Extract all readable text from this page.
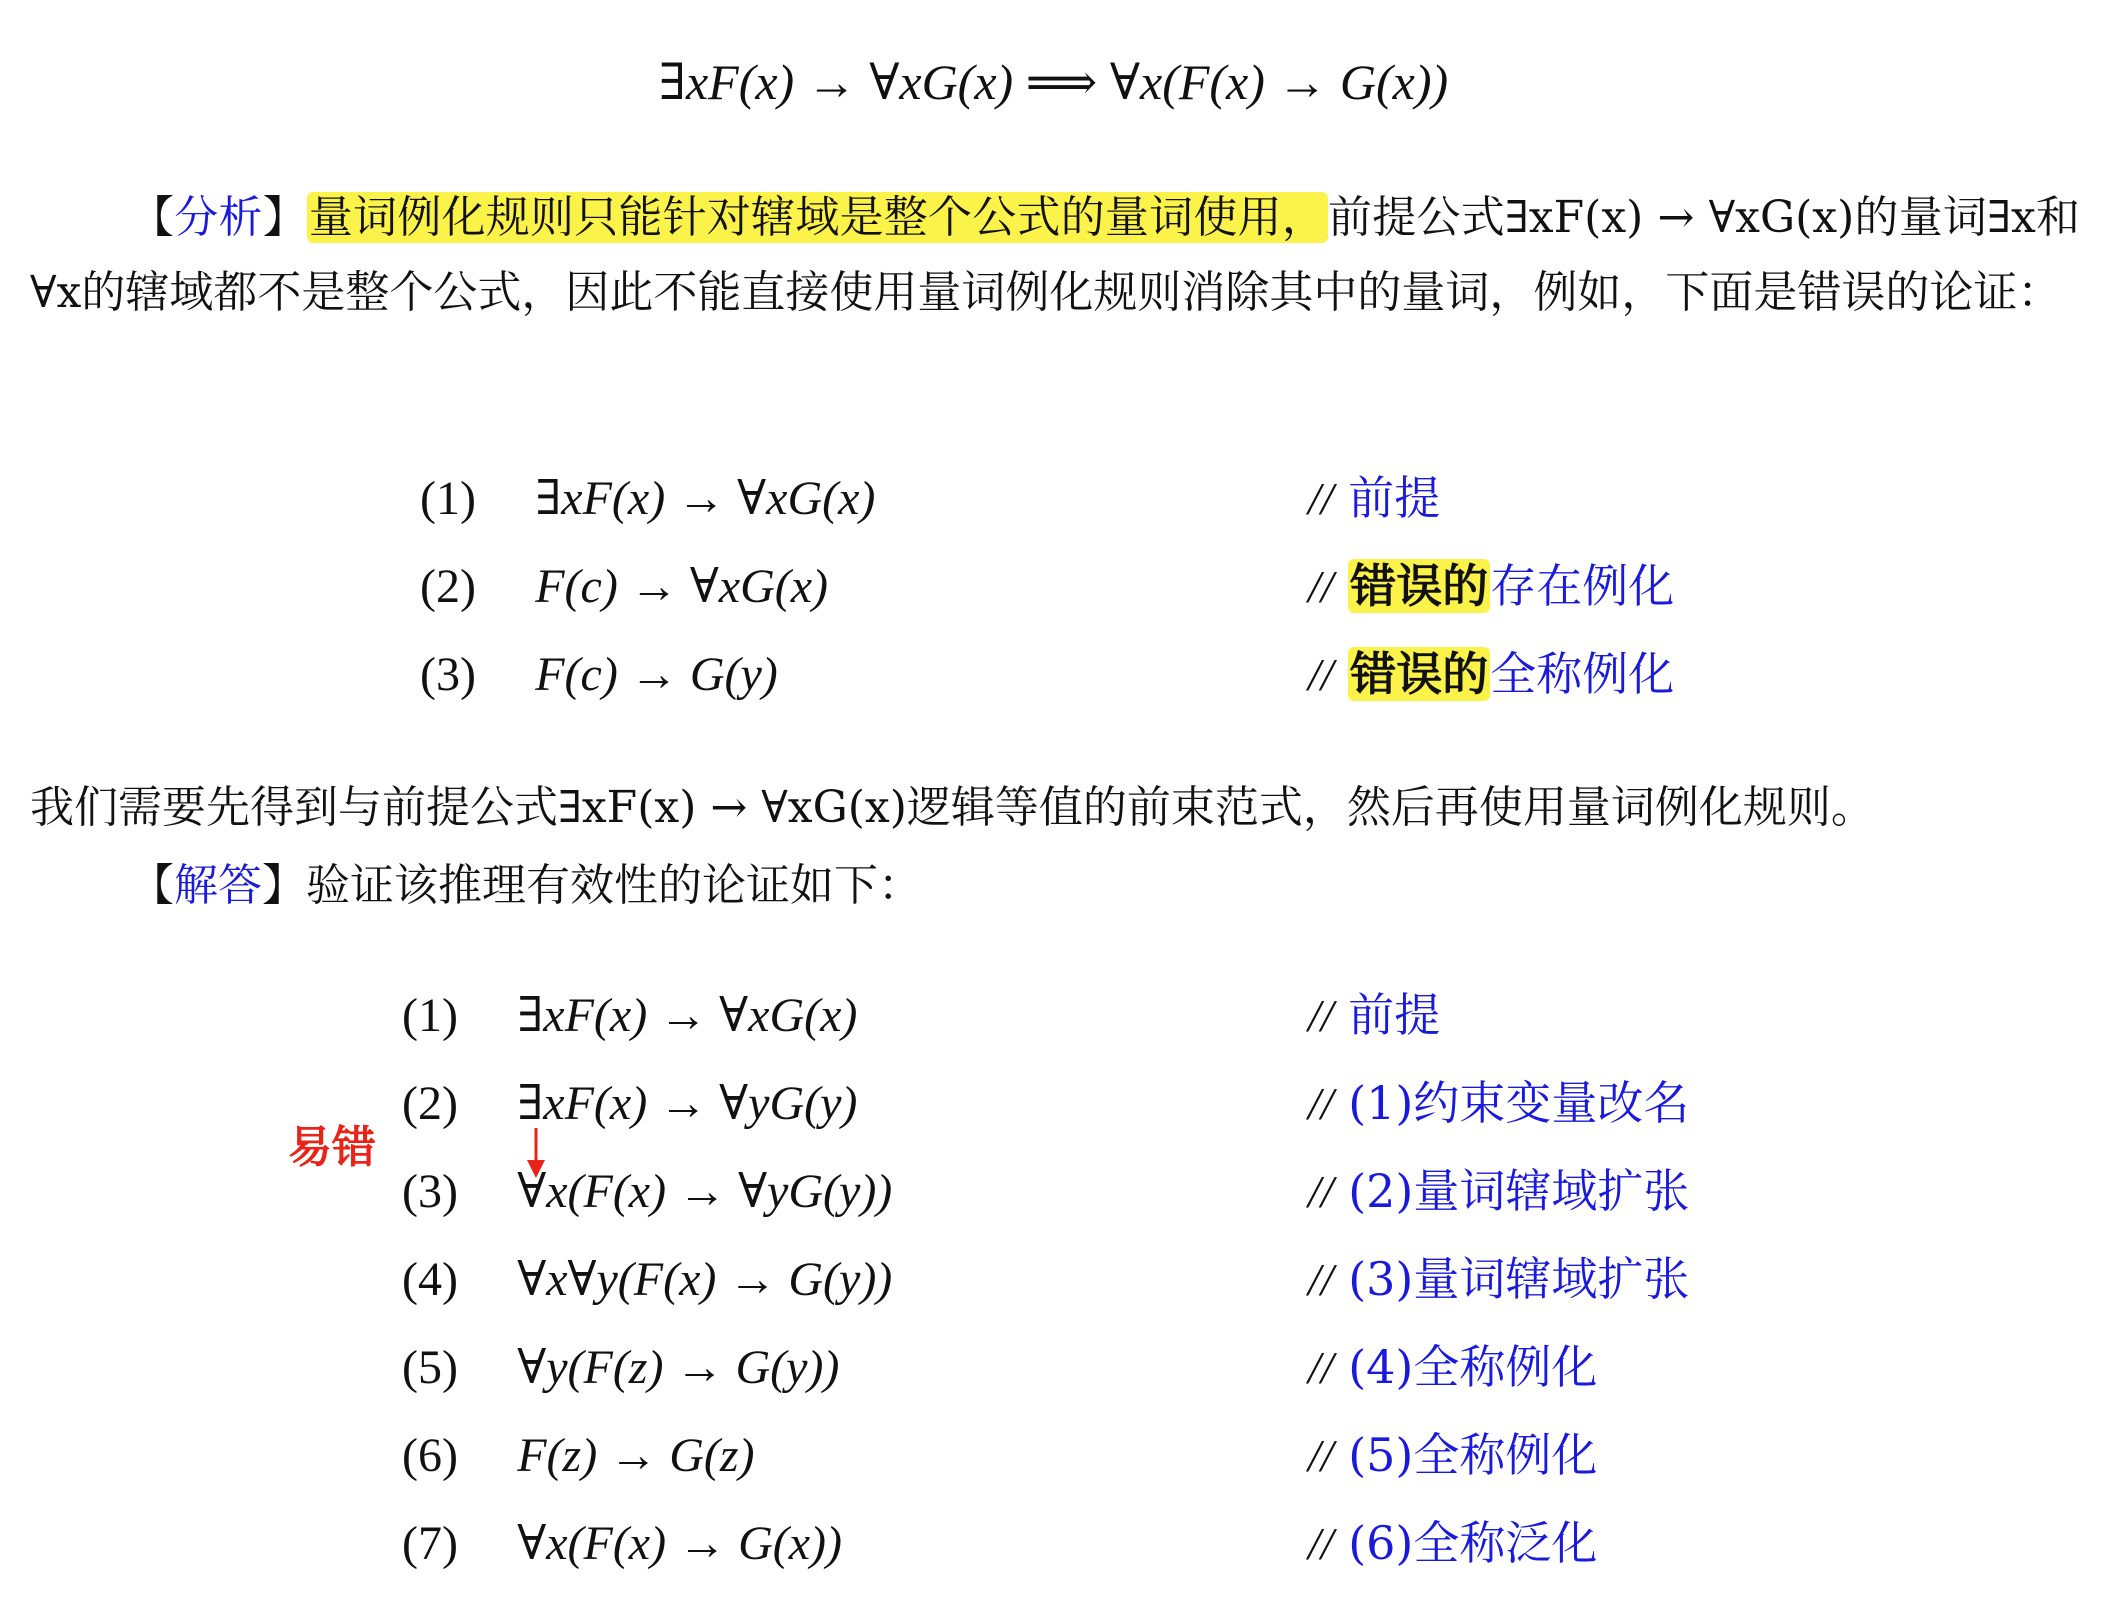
∃xF(x) → ∀xG(x) ⟹ ∀x(F(x) → G(x))
【分析】量词例化规则只能针对辖域是整个公式的量词使用，前提公式∃xF(x) → ∀xG(x)的量词∃x和∀x的辖域都不是整个公式，因此不能直接使用量词例化规则消除其中的量词，例如，下面是错误的论证：
(1) ∃xF(x) → ∀xG(x)	// 前提
(2) F(c) → ∀xG(x)	// 错误的存在例化
(3) F(c) → G(y)	// 错误的全称例化
我们需要先得到与前提公式∃xF(x) → ∀xG(x)逻辑等值的前束范式，然后再使用量词例化规则。
【解答】验证该推理有效性的论证如下：
易错
(1) ∃xF(x) → ∀xG(x)	// 前提
(2) ∃xF(x) → ∀yG(y)	// (1)约束变量改名
(3) ∀x(F(x) → ∀yG(y))	// (2)量词辖域扩张
(4) ∀x∀y(F(x) → G(y))	// (3)量词辖域扩张
(5) ∀y(F(z) → G(y))	// (4)全称例化
(6) F(z) → G(z)	// (5)全称例化
(7) ∀x(F(x) → G(x))	// (6)全称泛化
